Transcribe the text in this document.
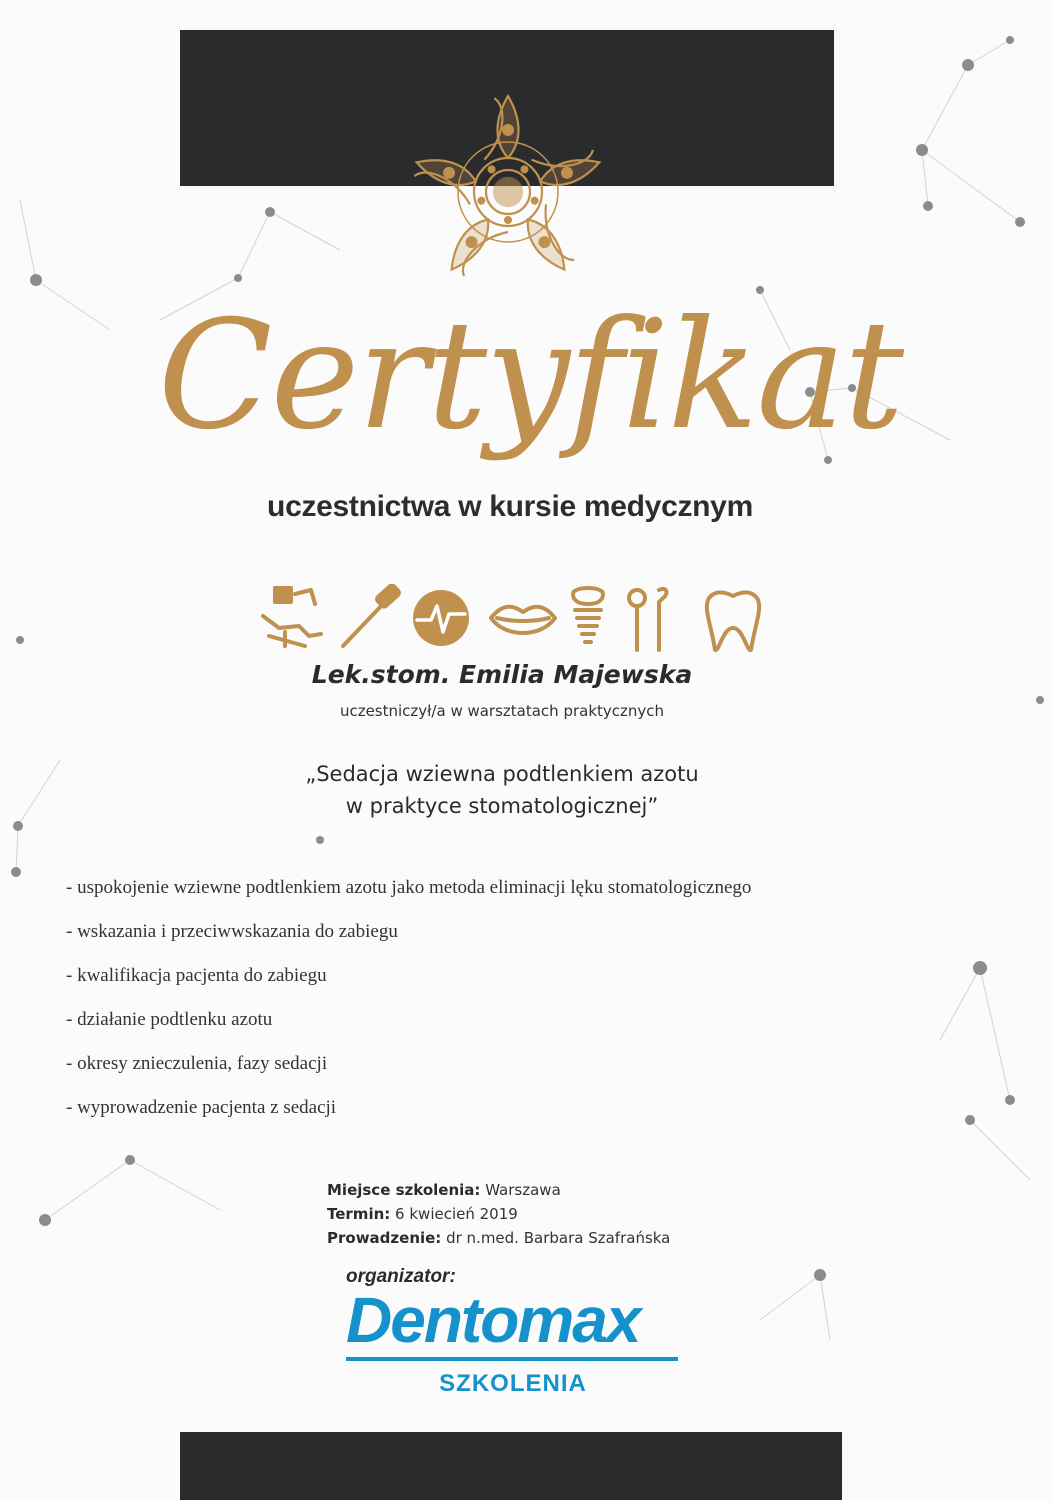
Certyfikat
uczestnictwa w kursie medycznym
Lek.stom. Emilia Majewska
uczestniczył/a w warsztatach praktycznych
„Sedacja wziewna podtlenkiem azotu
w praktyce stomatologicznej”
- uspokojenie wziewne podtlenkiem azotu jako metoda eliminacji lęku stomatologicznego
- wskazania i przeciwwskazania do zabiegu
- kwalifikacja pacjenta do zabiegu
- działanie podtlenku azotu
- okresy znieczulenia, fazy sedacji
- wyprowadzenie pacjenta z sedacji
Miejsce szkolenia: Warszawa
Termin: 6 kwiecień 2019
Prowadzenie: dr n.med. Barbara Szafrańska
organizator:
Dentomax
SZKOLENIA
